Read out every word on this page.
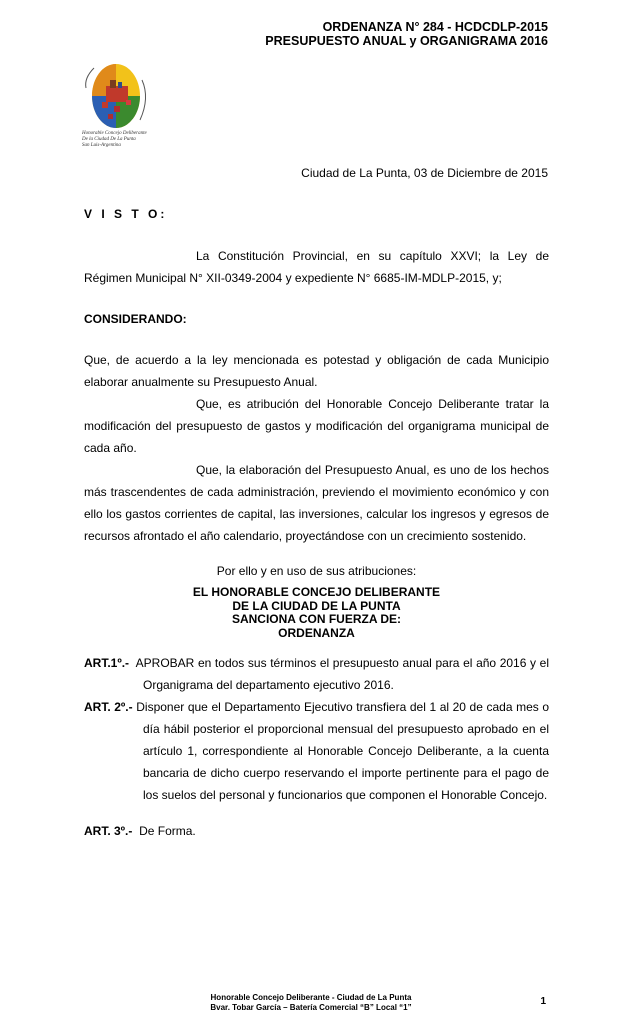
ORDENANZA N° 284 - HCDCDLP-2015
PRESUPUESTO ANUAL y ORGANIGRAMA 2016
Honorable Concejo Deliberante
De la Ciudad De La Punta
San Luis-Argentina
Ciudad de La Punta, 03 de Diciembre de 2015
V I S T O:
La Constitución Provincial, en su capítulo XXVI; la Ley de Régimen Municipal N° XII-0349-2004 y expediente N° 6685-IM-MDLP-2015, y;
CONSIDERANDO:
Que, de acuerdo a la ley mencionada es potestad y obligación de cada Municipio elaborar anualmente su Presupuesto Anual.
Que, es atribución del Honorable Concejo Deliberante tratar la modificación del presupuesto de gastos y modificación del organigrama municipal de cada año.
Que, la elaboración del Presupuesto Anual, es uno de los hechos más trascendentes de cada administración, previendo el movimiento económico y con ello los gastos corrientes de capital, las inversiones, calcular los ingresos y egresos de recursos afrontado el año calendario, proyectándose con un crecimiento sostenido.
Por ello y en uso de sus atribuciones:
EL HONORABLE CONCEJO DELIBERANTE
DE LA CIUDAD DE LA PUNTA
SANCIONA CON FUERZA DE:
ORDENANZA
ART.1º.- APROBAR en todos sus términos el presupuesto anual para el año 2016 y el Organigrama del departamento ejecutivo 2016.
ART. 2º.- Disponer que el Departamento Ejecutivo transfiera del 1 al 20 de cada mes o día hábil posterior el proporcional mensual del presupuesto aprobado en el artículo 1, correspondiente al Honorable Concejo Deliberante, a la cuenta bancaria de dicho cuerpo reservando el importe pertinente para el pago de los suelos del personal y funcionarios que componen el Honorable Concejo.
ART. 3º.- De Forma.
Honorable Concejo Deliberante - Ciudad de La Punta
Bvar. Tobar García – Batería Comercial “B” Local “1”
1
